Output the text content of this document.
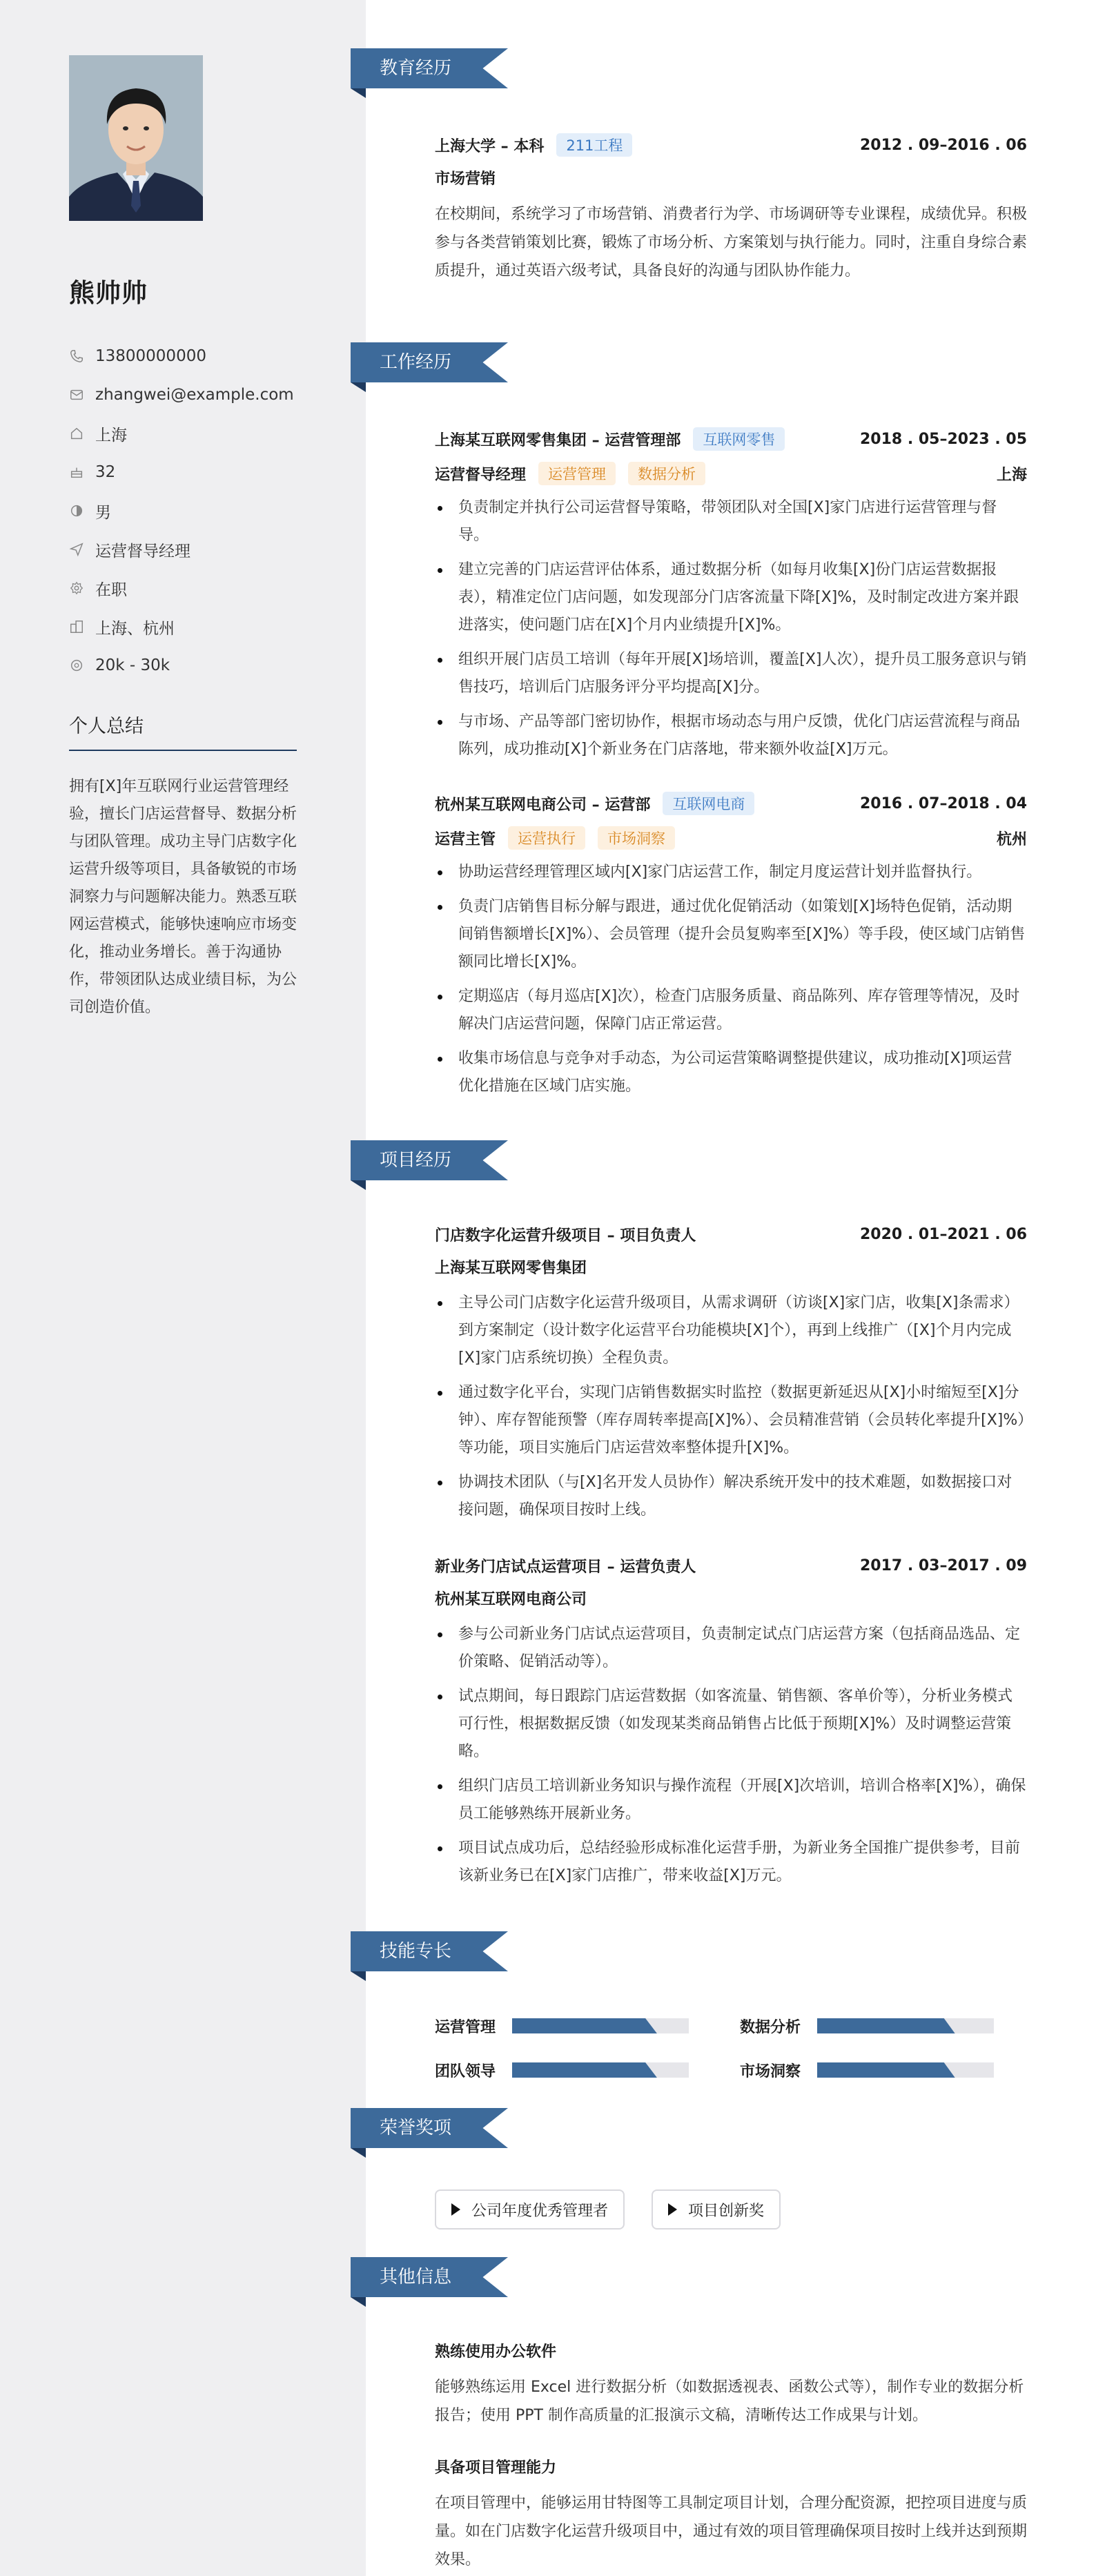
熊帅帅
13800000000
zhangwei@example.com
上海
32
男
运营督导经理
在职
上海、杭州
20k - 30k
个人总结
拥有[X]年互联网行业运营管理经验，擅长门店运营督导、数据分析与团队管理。成功主导门店数字化运营升级等项目，具备敏锐的市场洞察力与问题解决能力。熟悉互联网运营模式，能够快速响应市场变化，推动业务增长。善于沟通协作，带领团队达成业绩目标，为公司创造价值。
教育经历
上海大学 – 本科	211工程	2012 . 09–2016 . 06
市场营销
在校期间，系统学习了市场营销、消费者行为学、市场调研等专业课程，成绩优异。积极参与各类营销策划比赛，锻炼了市场分析、方案策划与执行能力。同时，注重自身综合素质提升，通过英语六级考试，具备良好的沟通与团队协作能力。
工作经历
上海某互联网零售集团 – 运营管理部	互联网零售	2018 . 05–2023 . 05
运营督导经理	运营管理	数据分析	上海
负责制定并执行公司运营督导策略，带领团队对全国[X]家门店进行运营管理与督导。
建立完善的门店运营评估体系，通过数据分析（如每月收集[X]份门店运营数据报表），精准定位门店问题，如发现部分门店客流量下降[X]%，及时制定改进方案并跟进落实，使问题门店在[X]个月内业绩提升[X]%。
组织开展门店员工培训（每年开展[X]场培训，覆盖[X]人次），提升员工服务意识与销售技巧，培训后门店服务评分平均提高[X]分。
与市场、产品等部门密切协作，根据市场动态与用户反馈，优化门店运营流程与商品陈列，成功推动[X]个新业务在门店落地，带来额外收益[X]万元。
杭州某互联网电商公司 – 运营部	互联网电商	2016 . 07–2018 . 04
运营主管	运营执行	市场洞察	杭州
协助运营经理管理区域内[X]家门店运营工作，制定月度运营计划并监督执行。
负责门店销售目标分解与跟进，通过优化促销活动（如策划[X]场特色促销，活动期间销售额增长[X]%）、会员管理（提升会员复购率至[X]%）等手段，使区域门店销售额同比增长[X]%。
定期巡店（每月巡店[X]次），检查门店服务质量、商品陈列、库存管理等情况，及时解决门店运营问题，保障门店正常运营。
收集市场信息与竞争对手动态，为公司运营策略调整提供建议，成功推动[X]项运营优化措施在区域门店实施。
项目经历
门店数字化运营升级项目 – 项目负责人	2020 . 01–2021 . 06
上海某互联网零售集团
主导公司门店数字化运营升级项目，从需求调研（访谈[X]家门店，收集[X]条需求）到方案制定（设计数字化运营平台功能模块[X]个），再到上线推广（[X]个月内完成[X]家门店系统切换）全程负责。
通过数字化平台，实现门店销售数据实时监控（数据更新延迟从[X]小时缩短至[X]分钟）、库存智能预警（库存周转率提高[X]%）、会员精准营销（会员转化率提升[X]%）等功能，项目实施后门店运营效率整体提升[X]%。
协调技术团队（与[X]名开发人员协作）解决系统开发中的技术难题，如数据接口对接问题，确保项目按时上线。
新业务门店试点运营项目 – 运营负责人	2017 . 03–2017 . 09
杭州某互联网电商公司
参与公司新业务门店试点运营项目，负责制定试点门店运营方案（包括商品选品、定价策略、促销活动等）。
试点期间，每日跟踪门店运营数据（如客流量、销售额、客单价等），分析业务模式可行性，根据数据反馈（如发现某类商品销售占比低于预期[X]%）及时调整运营策略。
组织门店员工培训新业务知识与操作流程（开展[X]次培训，培训合格率[X]%），确保员工能够熟练开展新业务。
项目试点成功后，总结经验形成标准化运营手册，为新业务全国推广提供参考，目前该新业务已在[X]家门店推广，带来收益[X]万元。
技能专长
运营管理	数据分析
团队领导	市场洞察
荣誉奖项
公司年度优秀管理者	项目创新奖
其他信息
熟练使用办公软件
能够熟练运用 Excel 进行数据分析（如数据透视表、函数公式等），制作专业的数据分析报告；使用 PPT 制作高质量的汇报演示文稿，清晰传达工作成果与计划。
具备项目管理能力
在项目管理中，能够运用甘特图等工具制定项目计划，合理分配资源，把控项目进度与质量。如在门店数字化运营升级项目中，通过有效的项目管理确保项目按时上线并达到预期效果。
